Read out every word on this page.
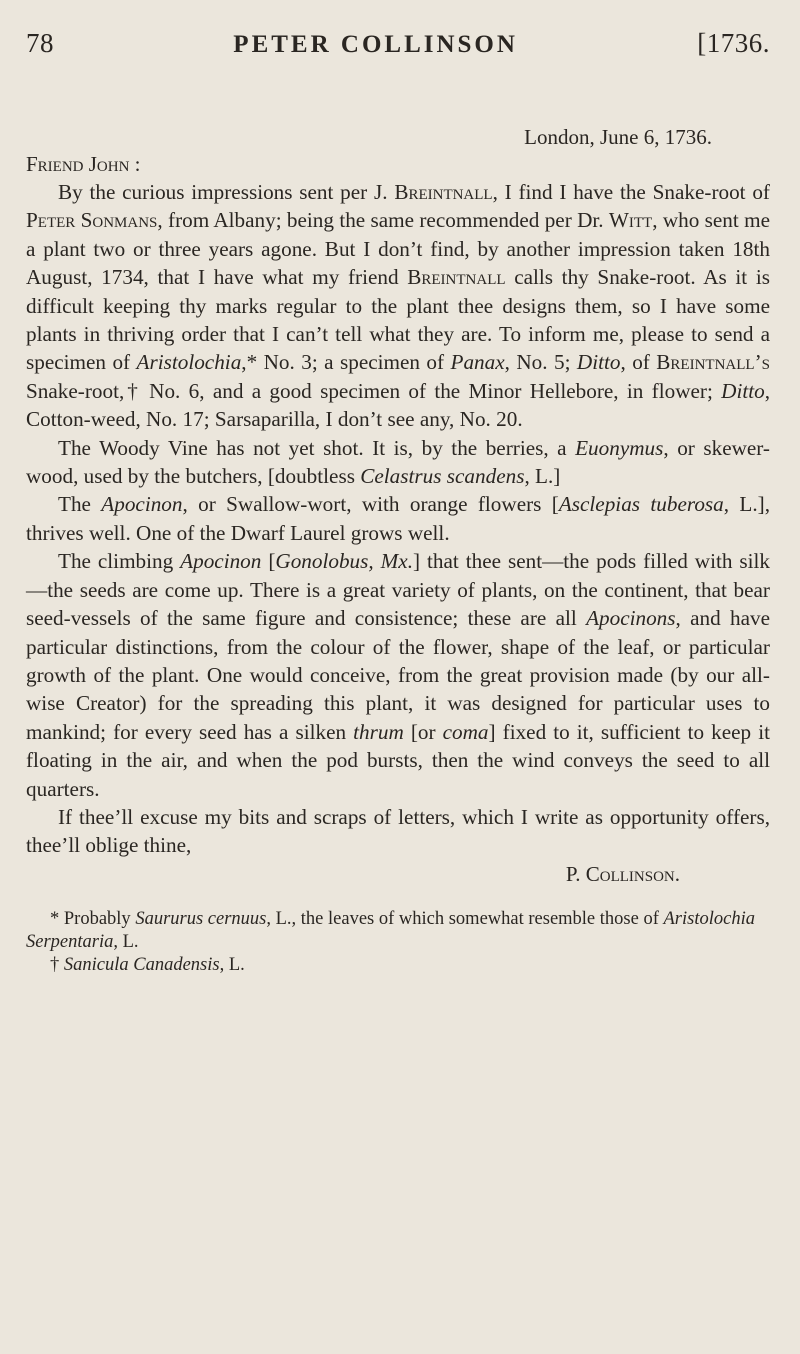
78	PETER COLLINSON	[1736.
London, June 6, 1736.
Friend John :

By the curious impressions sent per J. Breintnall, I find I have the Snake-root of Peter Sonmans, from Albany; being the same recommended per Dr. Witt, who sent me a plant two or three years agone. But I don’t find, by another impression taken 18th August, 1734, that I have what my friend Breintnall calls thy Snake-root. As it is difficult keeping thy marks regular to the plant thee designs them, so I have some plants in thriving order that I can’t tell what they are. To inform me, please to send a specimen of Aristolochia,* No. 3; a specimen of Panax, No. 5; Ditto, of Breintnall’s Snake-root,† No. 6, and a good specimen of the Minor Hellebore, in flower; Ditto, Cotton-weed, No. 17; Sarsaparilla, I don’t see any, No. 20.

The Woody Vine has not yet shot. It is, by the berries, a Euonymus, or skewer-wood, used by the butchers, [doubtless Celastrus scandens, L.]

The Apocinon, or Swallow-wort, with orange flowers [Asclepias tuberosa, L.], thrives well. One of the Dwarf Laurel grows well.

The climbing Apocinon [Gonolobus, Mx.] that thee sent—the pods filled with silk—the seeds are come up. There is a great variety of plants, on the continent, that bear seed-vessels of the same figure and consistence; these are all Apocinons, and have particular distinctions, from the colour of the flower, shape of the leaf, or particular growth of the plant. One would conceive, from the great provision made (by our all-wise Creator) for the spreading this plant, it was designed for particular uses to mankind; for every seed has a silken thrum [or coma] fixed to it, sufficient to keep it floating in the air, and when the pod bursts, then the wind conveys the seed to all quarters.

If thee’ll excuse my bits and scraps of letters, which I write as opportunity offers, thee’ll oblige thine,

P. Collinson.

* Probably Saururus cernuus, L., the leaves of which somewhat resemble those of Aristolochia Serpentaria, L.

† Sanicula Canadensis, L.
